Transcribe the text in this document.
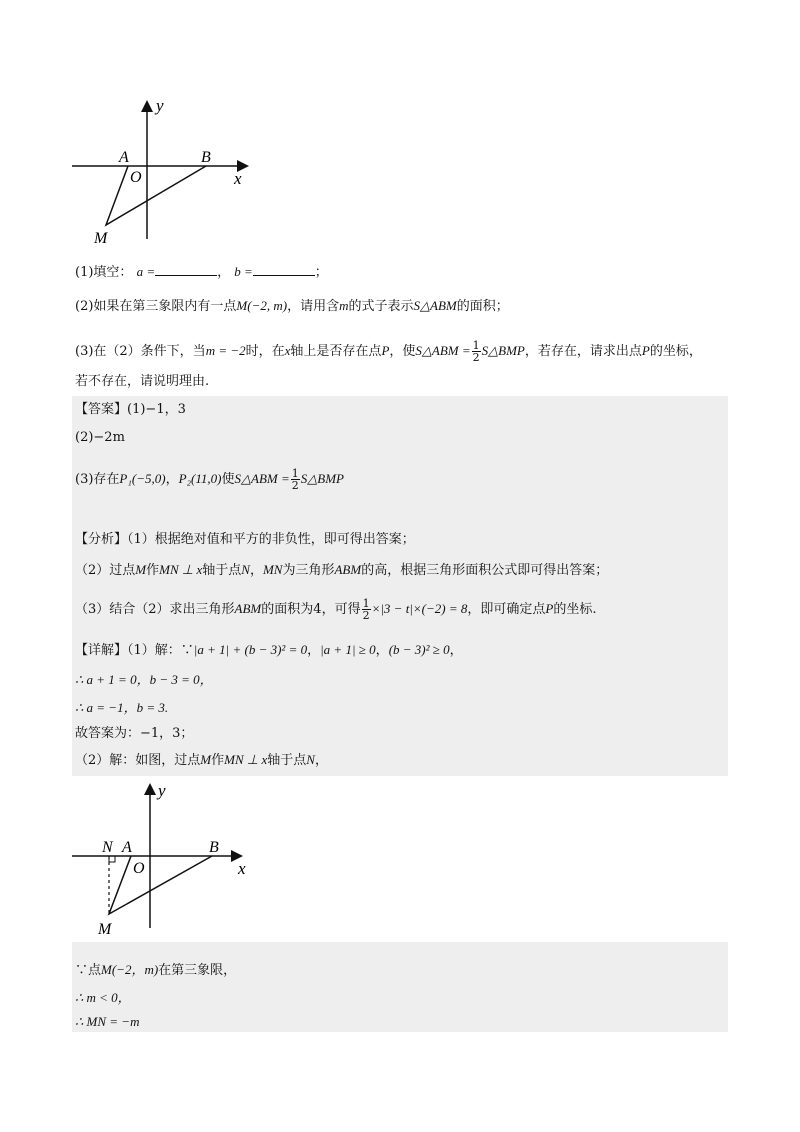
y
x
A
O
B
M
(1)填空： a =	， b =	；
(2)如果在第三象限内有一点M(−2, m)，请用含m的式子表示S△ABM的面积；
(3)在（2）条件下，当m = −2时，在x轴上是否存在点P，使S△ABM = $\frac{1}{2}$ S△BMP，若存在，请求出点P的坐标，
若不存在，请说明理由.
【答案】(1)−1，3
(2)−2m
(3)存在P₁(−5,0)，P₂(11,0)使S△ABM = $\frac{1}{2}$ S△BMP
【分析】（1）根据绝对值和平方的非负性，即可得出答案；
（2）过点M作MN ⊥ x轴于点N，MN为三角形ABM的高，根据三角形面积公式即可得出答案；
（3）结合（2）求出三角形ABM的面积为4，可得 $\frac{1}{2} \times|3 - t|\times(-2) = 8$，即可确定点P的坐标.
【详解】（1）解：∵|a + 1| + (b − 3)² = 0，|a + 1| ≥ 0，(b − 3)² ≥ 0，
∴ a + 1 = 0，b − 3 = 0，
∴ a = −1，b = 3.
故答案为：−1，3；
（2）解：如图，过点M作MN ⊥ x轴于点N，
y
x
N A
O
B
M
∵点M(−2，m)在第三象限，
∴ m < 0，
∴ MN = −m
